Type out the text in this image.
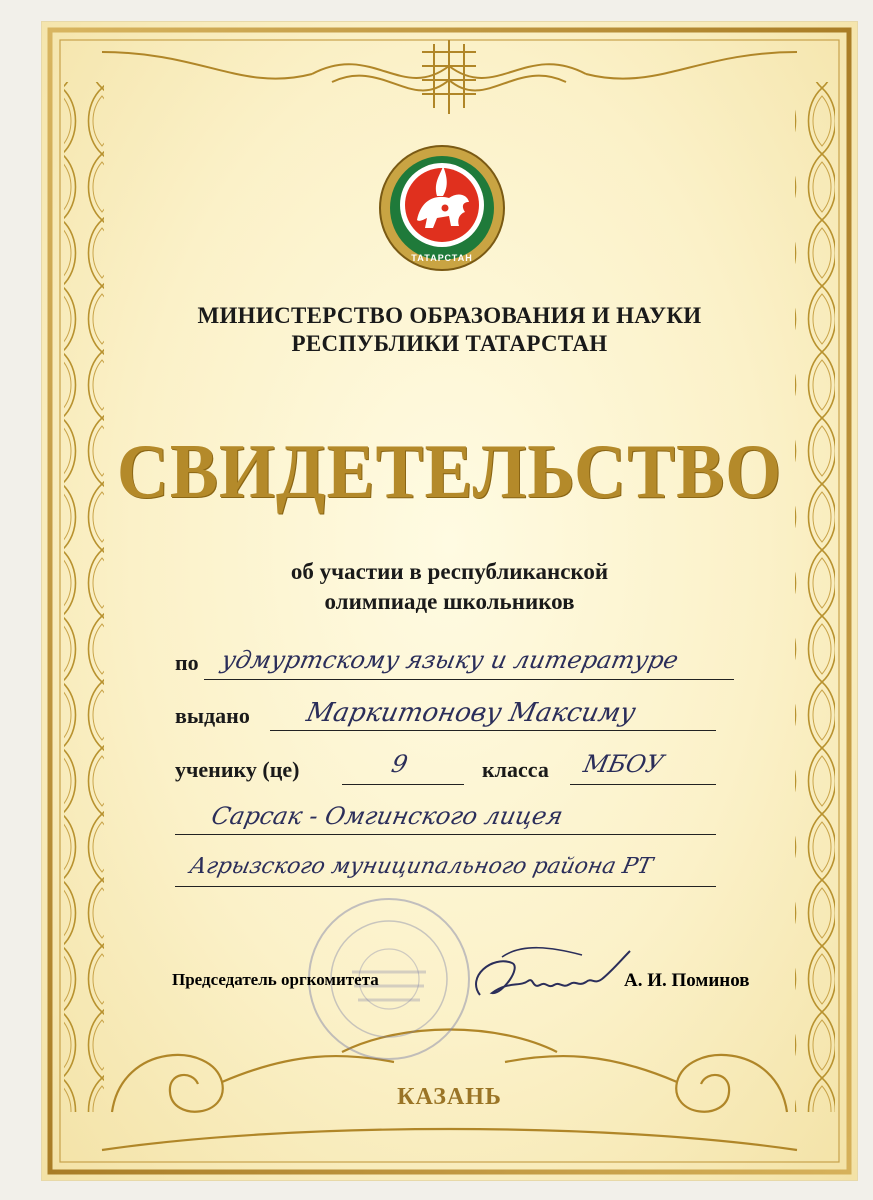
ТАТАРСТАН
МИНИСТЕРСТВО ОБРАЗОВАНИЯ И НАУКИ
РЕСПУБЛИКИ ТАТАРСТАН
СВИДЕТЕЛЬСТВО
об участии в республиканской
олимпиаде школьников
по удмуртскому языку и литературе
выдано Маркитонову Максиму
ученику (це)	9	класса МБОУ
Сарсак - Омгинского лицея
Агрызского муниципального района РТ
Председатель оргкомитета	А. И. Поминов
КАЗАНЬ
